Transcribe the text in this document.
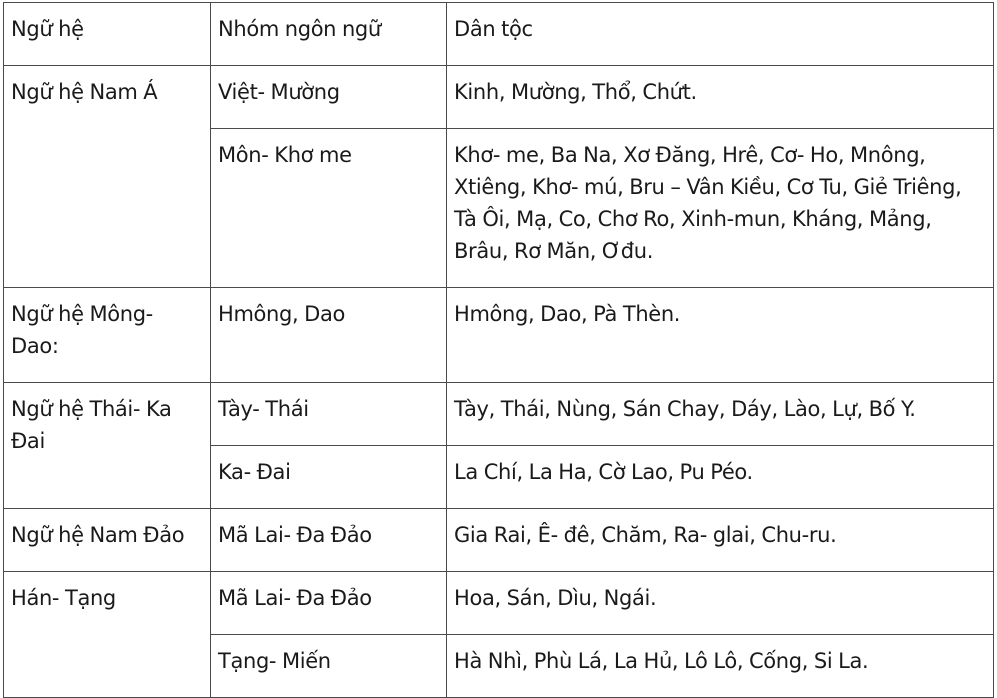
Ngữ hệ	Nhóm ngôn ngữ	Dân tộc
Ngữ hệ Nam Á	Việt- Mường	Kinh, Mường, Thổ, Chứt.
	Môn- Khơ me	Khơ- me, Ba Na, Xơ Đăng, Hrê, Cơ- Ho, Mnông, Xtiêng, Khơ- mú, Bru – Vân Kiều, Cơ Tu, Giẻ Triêng, Tà Ôi, Mạ, Co, Chơ Ro, Xinh-mun, Kháng, Mảng, Brâu, Rơ Măn, Ơđu.
Ngữ hệ Mông- Dao:	Hmông, Dao	Hmông, Dao, Pà Thèn.
Ngữ hệ Thái- Ka Đai	Tày- Thái	Tày, Thái, Nùng, Sán Chay, Dáy, Lào, Lự, Bố Y.
	Ka- Đai	La Chí, La Ha, Cờ Lao, Pu Péo.
Ngữ hệ Nam Đảo	Mã Lai- Đa Đảo	Gia Rai, Ê- đê, Chăm, Ra- glai, Chu-ru.
Hán- Tạng	Mã Lai- Đa Đảo	Hoa, Sán, Dìu, Ngái.
	Tạng- Miến	Hà Nhì, Phù Lá, La Hủ, Lô Lô, Cống, Si La.
